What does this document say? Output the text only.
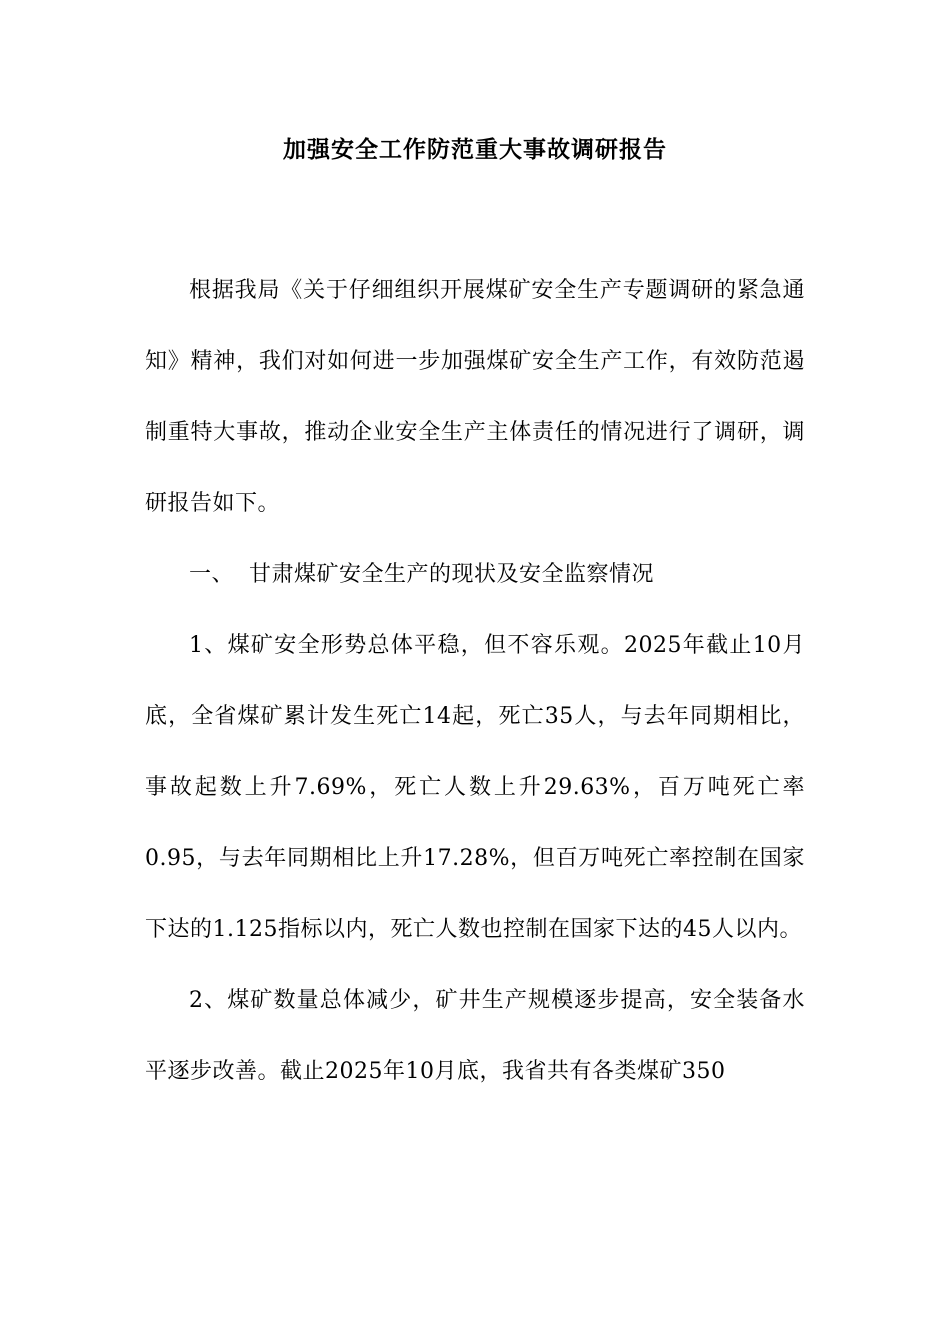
加强安全工作防范重大事故调研报告

根据我局《关于仔细组织开展煤矿安全生产专题调研的紧急通知》精神，我们对如何进一步加强煤矿安全生产工作，有效防范遏制重特大事故，推动企业安全生产主体责任的情况进行了调研，调研报告如下。

一、  甘肃煤矿安全生产的现状及安全监察情况

1、煤矿安全形势总体平稳，但不容乐观。2025年截止10月底，全省煤矿累计发生死亡14起，死亡35人，与去年同期相比，事故起数上升7.69%，死亡人数上升29.63%，百万吨死亡率0.95，与去年同期相比上升17.28%，但百万吨死亡率控制在国家下达的1.125指标以内，死亡人数也控制在国家下达的45人以内。

2、煤矿数量总体减少，矿井生产规模逐步提高，安全装备水平逐步改善。截止2025年10月底，我省共有各类煤矿350
